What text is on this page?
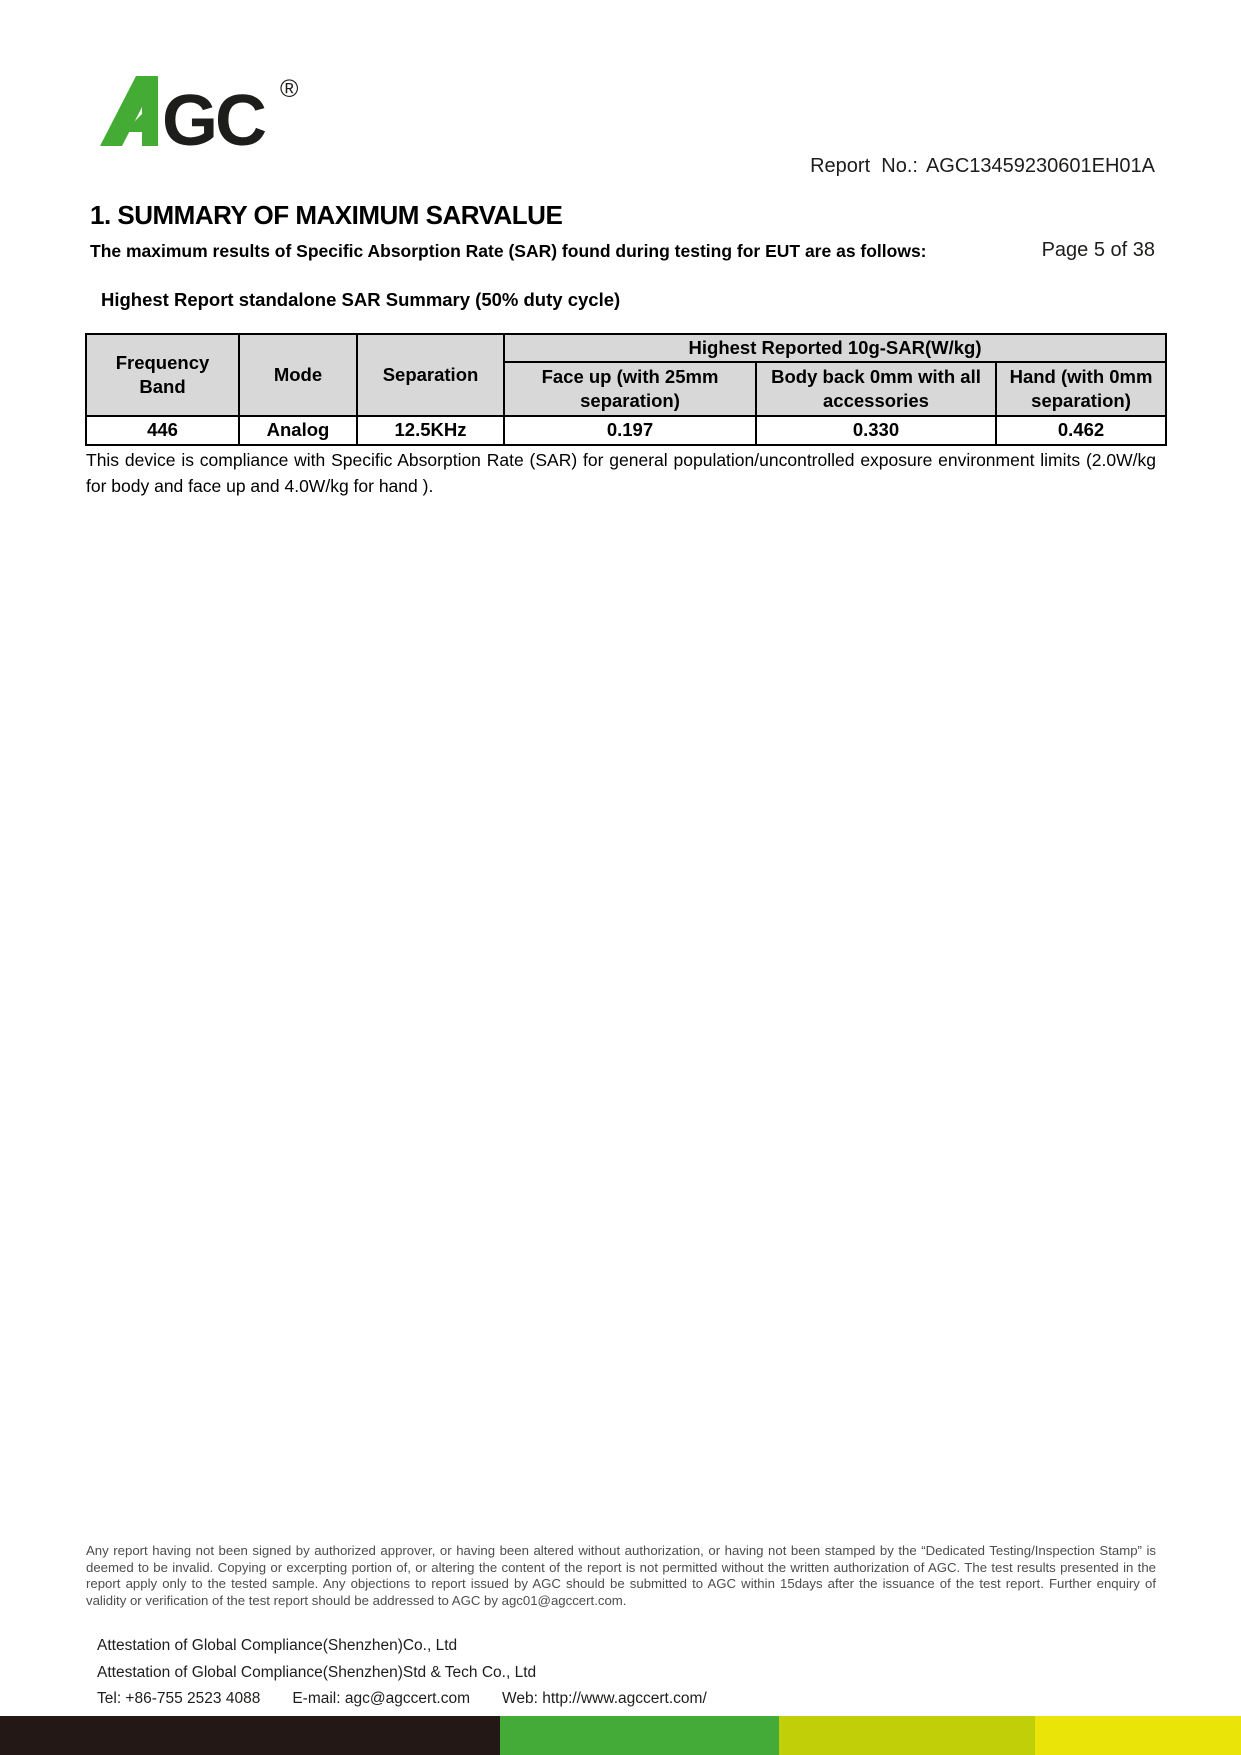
GC ®

Report  No.: AGC13459230601EH01A

Page 5 of 38

1. SUMMARY OF MAXIMUM SARVALUE
The maximum results of Specific Absorption Rate (SAR) found during testing for EUT are as follows:
Highest Report standalone SAR Summary (50% duty cycle)
Frequency Band	Mode	Separation	Highest Reported 10g-SAR(W/kg)		
			Face up (with 25mm separation)	Body back 0mm with all accessories	Hand (with 0mm separation)
446	Analog	12.5KHz	0.197	0.330	0.462
This device is compliance with Specific Absorption Rate (SAR) for general population/uncontrolled exposure environment limits (2.0W/kg for body and face up and 4.0W/kg for hand ).
Any report having not been signed by authorized approver, or having been altered without authorization, or having not been stamped by the “Dedicated Testing/Inspection Stamp” is deemed to be invalid. Copying or excerpting portion of, or altering the content of the report is not permitted without the written authorization of AGC. The test results presented in the report apply only to the tested sample. Any objections to report issued by AGC should be submitted to AGC within 15days after the issuance of the test report. Further enquiry of validity or verification of the test report should be addressed to AGC by agc01@agccert.com.
Attestation of Global Compliance(Shenzhen)Co., Ltd
Attestation of Global Compliance(Shenzhen)Std & Tech Co., Ltd
Tel: +86-755 2523 4088 E-mail: agc@agccert.com Web: http://www.agccert.com/
